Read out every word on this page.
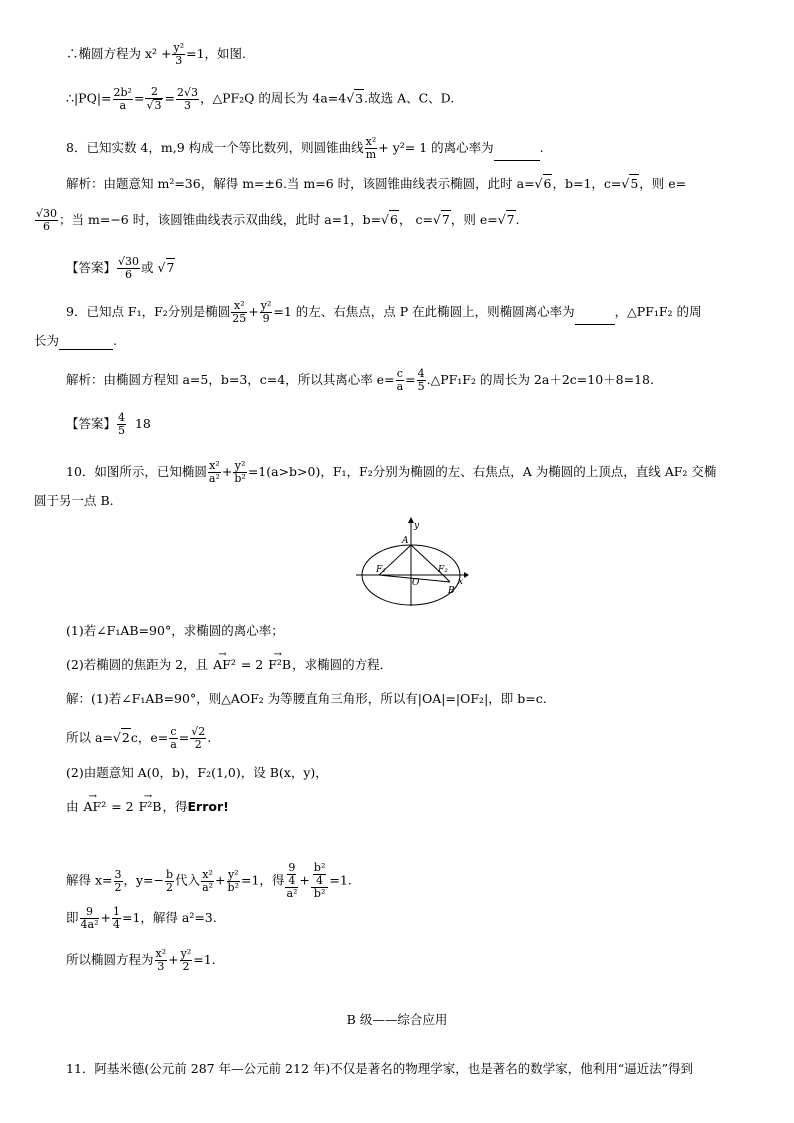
∴椭圆方程为 $x^2 + \frac{\text{y²}}{3} =1$，如图.
∴|PQ|= $\frac{\text{2b²}}{a} = \frac{2}{√3} = \frac{2√3}{3}$ ，△PF₂Q 的周长为 4a=4√3.故选 A、C、D.
8．已知实数 4，m,9 构成一个等比数列，则圆锥曲线 $\frac{\text{x²}}{m} + y^2= 1$ 的离心率为	.
解析：由题意知 m²=36，解得 m=±6.当 m=6 时，该圆锥曲线表示椭圆，此时 a=√6，b=1，c=√5，则 e=
$\frac{√30}{6}$ ；当 m=−6 时，该圆锥曲线表示双曲线，此时 a=1，b=√6， c=√7，则 e=√7.
【答案】 $\frac{√30}{6}$ 或 √7
9．已知点 F₁，F₂分别是椭圆 $\frac{\text{x²}}{25} + \frac{\text{y²}}{9} =1$ 的左、右焦点，点 P 在此椭圆上，则椭圆离心率为	，△PF₁F₂ 的周
长为	.
解析：由椭圆方程知 a=5，b=3，c=4，所以其离心率 $e= \frac{c}{a} = \frac{4}{5}$ .△PF₁F₂ 的周长为 2a＋2c=10＋8=18.
【答案】 $\frac{4}{5} 18$
10．如图所示，已知椭圆 $\frac{\text{x²}}{\text{a²}} + \frac{\text{y²}}{\text{b²}} =1(a>b>0)$，F₁，F₂分别为椭圆的左、右焦点，A 为椭圆的上顶点，直线 AF₂ 交椭
圆于另一点 B.
y
x
A
F₁	F₂
O
B
(1)若∠F₁AB=90°，求椭圆的离心率；
(2)若椭圆的焦距为 2，且 → AF² = 2 → F²B，求椭圆的方程．
解：(1)若∠F₁AB=90°，则△AOF₂ 为等腰直角三角形，所以有|OA|=|OF₂|，即 b=c.
所以 a=√2c，$e= \frac{c}{a} = \frac{√2}{2}$ .
(2)由题意知 A(0，b)，F₂(1,0)，设 B(x，y)，
由 → AF² = 2 → F²B，得Error!
解得 $x= \frac{3}{2}$ ，$y=- \frac{b}{2}$ 代入 $\frac{\text{x²}}{\text{a²}} + \frac{\text{y²}}{\text{b²}} =1$，得 $\frac{\frac{9}{4}}{\text{a²}} + \frac{\frac{\text{b²}}{4}}{\text{b²}} =1$.
即 $\frac{9}{\text{4a²}} + \frac{1}{4} =1$，解得 a²=3.
所以椭圆方程为 $\frac{\text{x²}}{3} + \frac{\text{y²}}{2} =1$.
B 级——综合应用
11．阿基米德(公元前 287 年—公元前 212 年)不仅是著名的物理学家，也是著名的数学家，他利用“逼近法”得到
